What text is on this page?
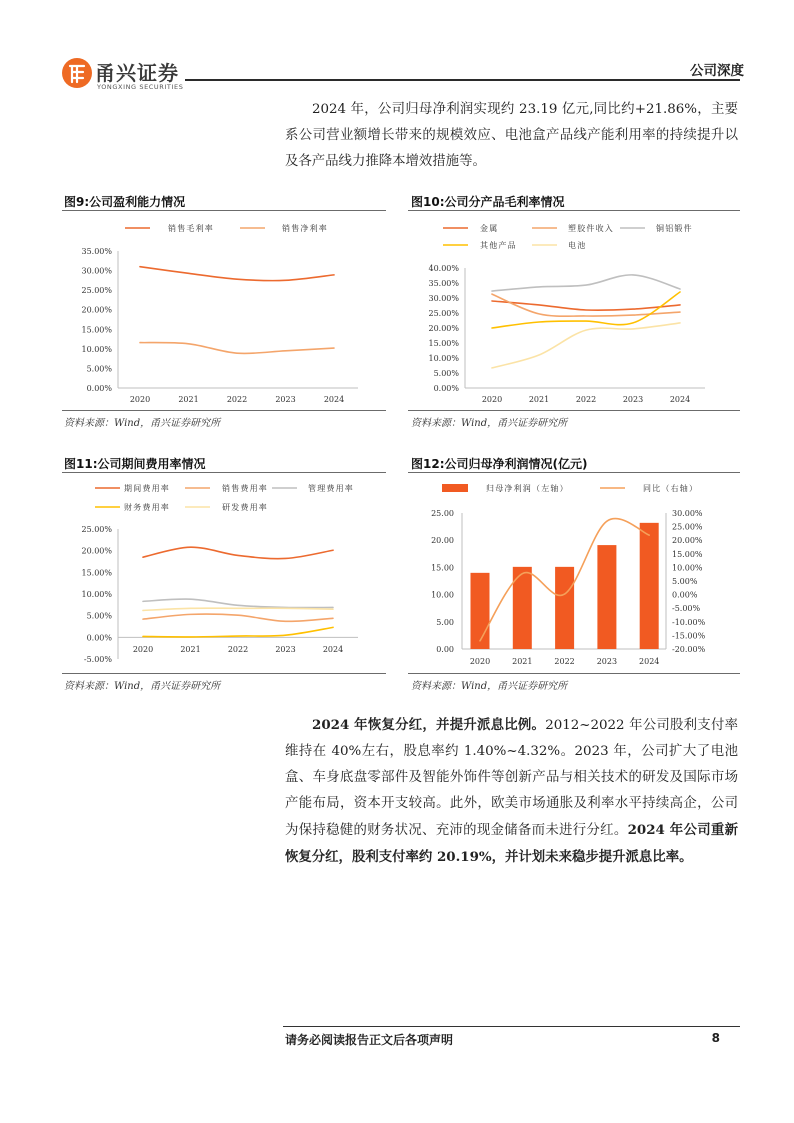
甬兴证券
YONGXING SECURITIES
公司深度
2024 年，公司归母净利润实现约 23.19 亿元,同比约+21.86%，主要系公司营业额增长带来的规模效应、电池盒产品线产能利用率的持续提升以及各产品线力推降本增效措施等。
图9:公司盈利能力情况
0.00%
5.00%
10.00%
15.00%
20.00%
25.00%
30.00%
35.00%
2020	2021	2022	2023	2024
销售毛利率	销售净利率
资料来源：Wind，甬兴证券研究所
图10:公司分产品毛利率情况
0.00%
5.00%
10.00%
15.00%
20.00%
25.00%
30.00%
35.00%
40.00%
2020	2021	2022	2023	2024
金属	塑胶件收入	铜铝锻件
其他产品	电池
资料来源：Wind，甬兴证券研究所
图11:公司期间费用率情况
-5.00%
0.00%
5.00%
10.00%
15.00%
20.00%
25.00%
2020	2021	2022	2023	2024
期间费用率	销售费用率	管理费用率
财务费用率	研发费用率
资料来源：Wind，甬兴证券研究所
图12:公司归母净利润情况(亿元)
0.00
5.00
10.00
15.00
20.00
25.00
-20.00%
-15.00%
-10.00%
-5.00%
0.00%
5.00%
10.00%
15.00%
20.00%
25.00%
30.00%
2020	2021	2022	2023	2024
归母净利润（左轴）	同比（右轴）
资料来源：Wind，甬兴证券研究所
2024 年恢复分红，并提升派息比例。2012~2022 年公司股利支付率维持在 40%左右，股息率约 1.40%~4.32%。2023 年，公司扩大了电池盒、车身底盘零部件及智能外饰件等创新产品与相关技术的研发及国际市场产能布局，资本开支较高。此外，欧美市场通胀及利率水平持续高企，公司为保持稳健的财务状况、充沛的现金储备而未进行分红。2024 年公司重新恢复分红，股利支付率约 20.19%，并计划未来稳步提升派息比率。
请务必阅读报告正文后各项声明	8
